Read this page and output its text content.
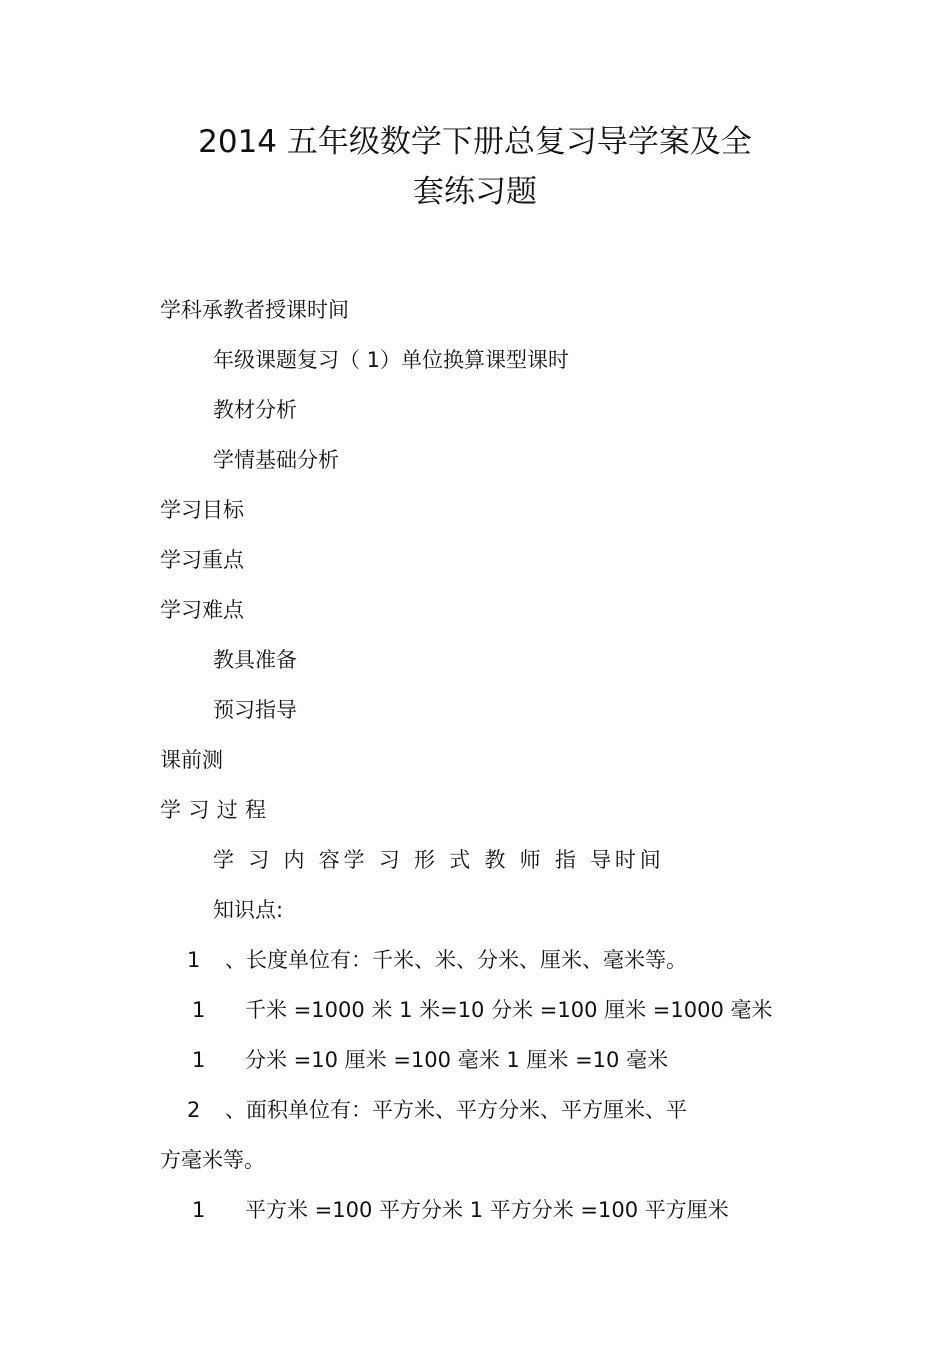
2014 五年级数学下册总复习导学案及全
套练习题
学科承教者授课时间
年级课题复习（ 1）单位换算课型课时
教材分析
学情基础分析
学习目标
学习重点
学习难点
教具准备
预习指导
课前测
学习过程
学 习 内 容学 习 形 式 教 师 指 导时间
知识点:
1 、长度单位有：千米、米、分米、厘米、毫米等。
1 千米 =1000 米 1 米=10 分米 =100 厘米 =1000 毫米
1 分米 =10 厘米 =100 毫米 1 厘米 =10 毫米
2 、面积单位有：平方米、平方分米、平方厘米、平
方毫米等。
1 平方米 =100 平方分米 1 平方分米 =100 平方厘米
